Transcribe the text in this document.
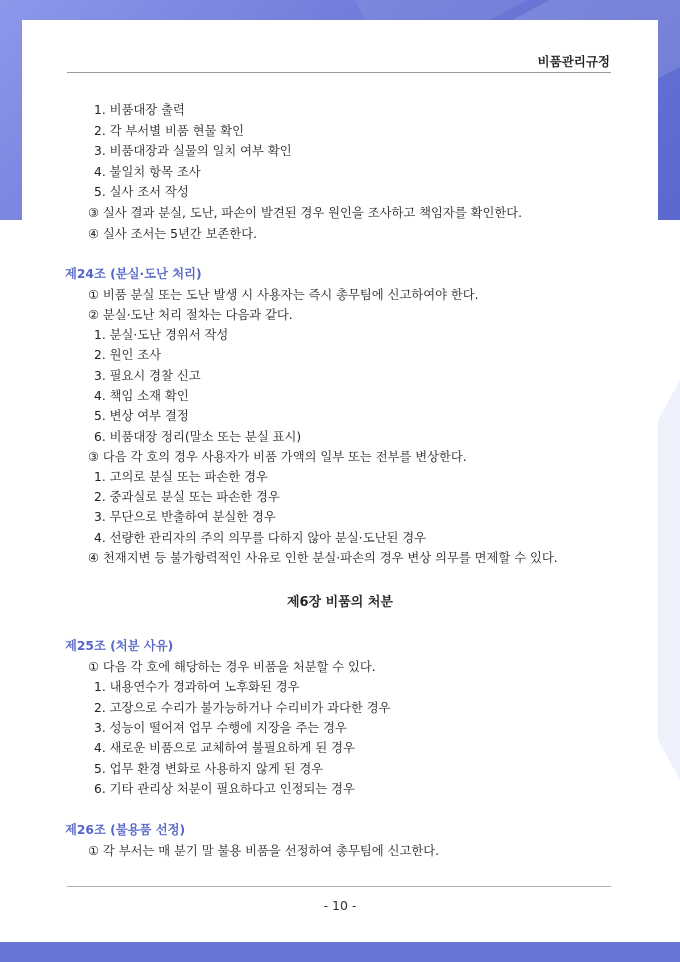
비품관리규정
1. 비품대장 출력
2. 각 부서별 비품 현물 확인
3. 비품대장과 실물의 일치 여부 확인
4. 불일치 항목 조사
5. 실사 조서 작성
③ 실사 결과 분실, 도난, 파손이 발견된 경우 원인을 조사하고 책임자를 확인한다.
④ 실사 조서는 5년간 보존한다.
제24조 (분실·도난 처리)
① 비품 분실 또는 도난 발생 시 사용자는 즉시 총무팀에 신고하여야 한다.
② 분실·도난 처리 절차는 다음과 같다.
1. 분실·도난 경위서 작성
2. 원인 조사
3. 필요시 경찰 신고
4. 책임 소재 확인
5. 변상 여부 결정
6. 비품대장 정리(말소 또는 분실 표시)
③ 다음 각 호의 경우 사용자가 비품 가액의 일부 또는 전부를 변상한다.
1. 고의로 분실 또는 파손한 경우
2. 중과실로 분실 또는 파손한 경우
3. 무단으로 반출하여 분실한 경우
4. 선량한 관리자의 주의 의무를 다하지 않아 분실·도난된 경우
④ 천재지변 등 불가항력적인 사유로 인한 분실·파손의 경우 변상 의무를 면제할 수 있다.
제6장 비품의 처분
제25조 (처분 사유)
① 다음 각 호에 해당하는 경우 비품을 처분할 수 있다.
1. 내용연수가 경과하여 노후화된 경우
2. 고장으로 수리가 불가능하거나 수리비가 과다한 경우
3. 성능이 떨어져 업무 수행에 지장을 주는 경우
4. 새로운 비품으로 교체하여 불필요하게 된 경우
5. 업무 환경 변화로 사용하지 않게 된 경우
6. 기타 관리상 처분이 필요하다고 인정되는 경우
제26조 (불용품 선정)
① 각 부서는 매 분기 말 불용 비품을 선정하여 총무팀에 신고한다.
- 10 -
